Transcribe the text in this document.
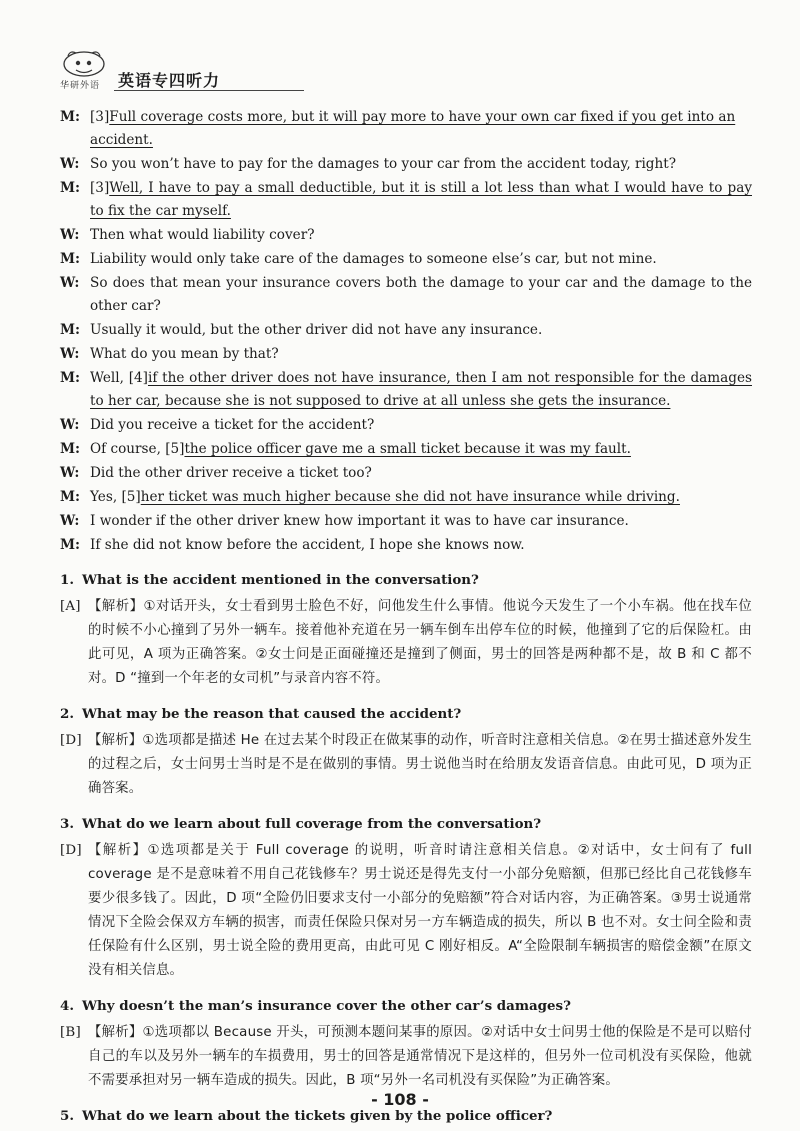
华研外语 英语专四听力
M: [3]Full coverage costs more, but it will pay more to have your own car fixed if you get into an accident.
W: So you won’t have to pay for the damages to your car from the accident today, right?
M: [3]Well, I have to pay a small deductible, but it is still a lot less than what I would have to pay to fix the car myself.
W: Then what would liability cover?
M: Liability would only take care of the damages to someone else’s car, but not mine.
W: So does that mean your insurance covers both the damage to your car and the damage to the other car?
M: Usually it would, but the other driver did not have any insurance.
W: What do you mean by that?
M: Well, [4]if the other driver does not have insurance, then I am not responsible for the damages to her car, because she is not supposed to drive at all unless she gets the insurance.
W: Did you receive a ticket for the accident?
M: Of course, [5]the police officer gave me a small ticket because it was my fault.
W: Did the other driver receive a ticket too?
M: Yes, [5]her ticket was much higher because she did not have insurance while driving.
W: I wonder if the other driver knew how important it was to have car insurance.
M: If she did not know before the accident, I hope she knows now.
1. What is the accident mentioned in the conversation?
[A] 【解析】①对话开头，女士看到男士脸色不好，问他发生什么事情。他说今天发生了一个小车祸。他在找车位的时候不小心撞到了另外一辆车。接着他补充道在另一辆车倒车出停车位的时候，他撞到了它的后保险杠。由此可见，A 项为正确答案。②女士问是正面碰撞还是撞到了侧面，男士的回答是两种都不是，故 B 和 C 都不对。D “撞到一个年老的女司机”与录音内容不符。
2. What may be the reason that caused the accident?
[D] 【解析】①选项都是描述 He 在过去某个时段正在做某事的动作，听音时注意相关信息。②在男士描述意外发生的过程之后，女士问男士当时是不是在做别的事情。男士说他当时在给朋友发语音信息。由此可见，D 项为正确答案。
3. What do we learn about full coverage from the conversation?
[D] 【解析】①选项都是关于 Full coverage 的说明，听音时请注意相关信息。②对话中，女士问有了 full coverage 是不是意味着不用自己花钱修车？男士说还是得先支付一小部分免赔额，但那已经比自己花钱修车要少很多钱了。因此，D 项“全险仍旧要求支付一小部分的免赔额”符合对话内容，为正确答案。③男士说通常情况下全险会保双方车辆的损害，而责任保险只保对另一方车辆造成的损失，所以 B 也不对。女士问全险和责任保险有什么区别，男士说全险的费用更高，由此可见 C 刚好相反。A“全险限制车辆损害的赔偿金额”在原文没有相关信息。
4. Why doesn’t the man’s insurance cover the other car’s damages?
[B] 【解析】①选项都以 Because 开头，可预测本题问某事的原因。②对话中女士问男士他的保险是不是可以赔付自己的车以及另外一辆车的车损费用，男士的回答是通常情况下是这样的，但另外一位司机没有买保险，他就不需要承担对另一辆车造成的损失。因此，B 项“另外一名司机没有买保险”为正确答案。
5. What do we learn about the tickets given by the police officer?
- 108 -
